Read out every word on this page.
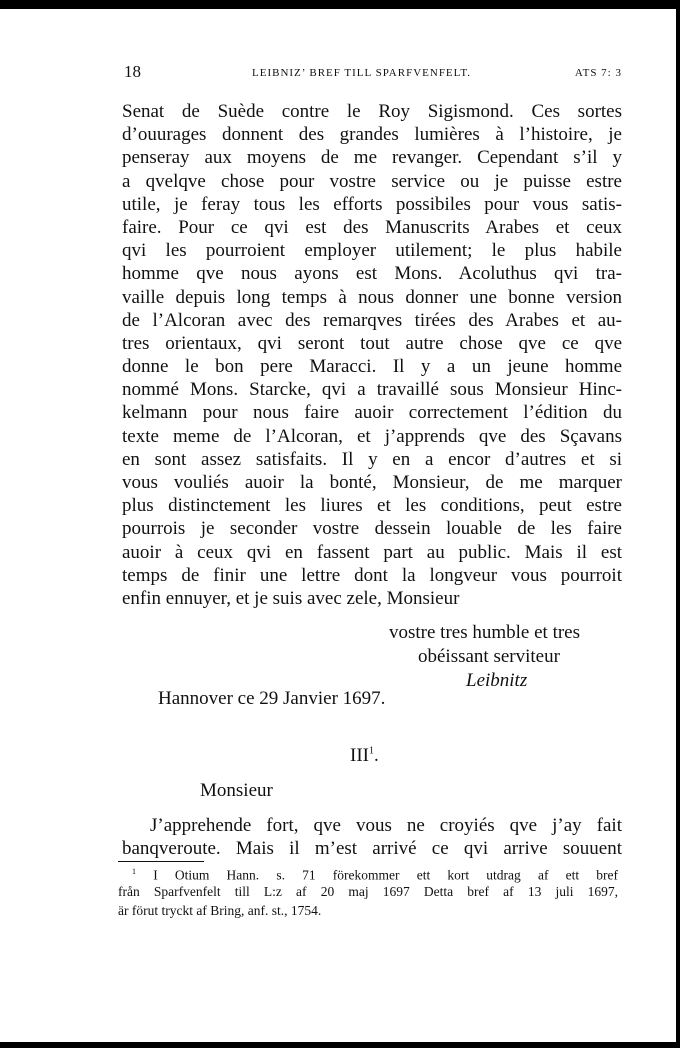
18	LEIBNIZ’ BREF TILL SPARFVENFELT.	ATS 7: 3
Senat de Suède contre le Roy Sigismond. Ces sortes
d’ouurages donnent des grandes lumières à l’histoire, je
penseray aux moyens de me revanger. Cependant s’il y
a qvelqve chose pour vostre service ou je puisse estre
utile, je feray tous les efforts possibiles pour vous satis-
faire. Pour ce qvi est des Manuscrits Arabes et ceux
qvi les pourroient employer utilement; le plus habile
homme qve nous ayons est Mons. Acoluthus qvi tra-
vaille depuis long temps à nous donner une bonne version
de l’Alcoran avec des remarqves tirées des Arabes et au-
tres orientaux, qvi seront tout autre chose qve ce qve
donne le bon pere Maracci. Il y a un jeune homme
nommé Mons. Starcke, qvi a travaillé sous Monsieur Hinc-
kelmann pour nous faire auoir correctement l’édition du
texte meme de l’Alcoran, et j’apprends qve des Sçavans
en sont assez satisfaits. Il y en a encor d’autres et si
vous vouliés auoir la bonté, Monsieur, de me marquer
plus distinctement les liures et les conditions, peut estre
pourrois je seconder vostre dessein louable de les faire
auoir à ceux qvi en fassent part au public. Mais il est
temps de finir une lettre dont la longveur vous pourroit
enfin ennuyer, et je suis avec zele, Monsieur
vostre tres humble et tres
obéissant serviteur
Leibnitz
Hannover ce 29 Janvier 1697.
III$^1$.
Monsieur
J’apprehende fort, qve vous ne croyiés qve j’ay fait
banqveroute. Mais il m’est arrivé ce qvi arrive souuent
$^1$ I Otium Hann. s. 71 förekommer ett kort utdrag af ett bref
från Sparfvenfelt till L:z af 20 maj 1697 Detta bref af 13 juli 1697,
är förut tryckt af Bring, anf. st., 1754.
